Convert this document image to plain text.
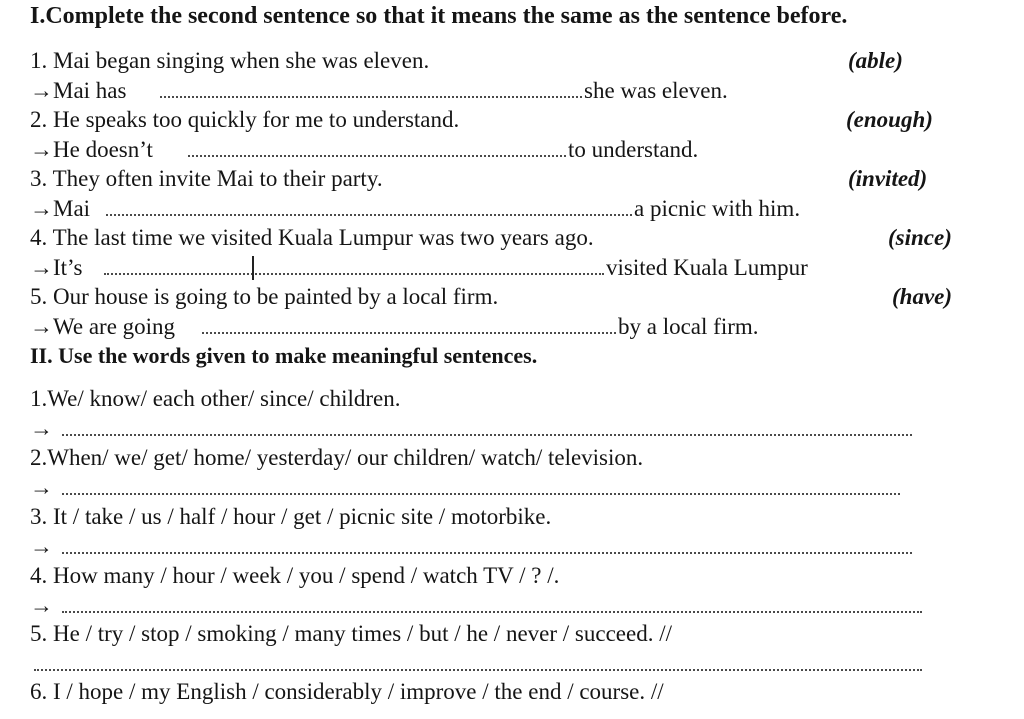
I.Complete the second sentence so that it means the same as the sentence before.
1. Mai began singing when she was eleven.	(able)
→Mai has	she was eleven.
2. He speaks too quickly for me to understand.	(enough)
→He doesn’t	to understand.
3. They often invite Mai to their party.	(invited)
→Mai	a picnic with him.
4. The last time we visited Kuala Lumpur was two years ago.	(since)
→It’s	visited Kuala Lumpur
5. Our house is going to be painted by a local firm.	(have)
→We are going	by a local firm.
II. Use the words given to make meaningful sentences.
1.We/ know/ each other/ since/ children.
→
2.When/ we/ get/ home/ yesterday/ our children/ watch/ television.
→
3. It / take / us / half / hour / get / picnic site / motorbike.
→
4. How many / hour / week / you / spend / watch TV / ? /.
→
5. He / try / stop / smoking / many times / but / he / never / succeed. //
6. I / hope / my English / considerably / improve / the end / course. //
